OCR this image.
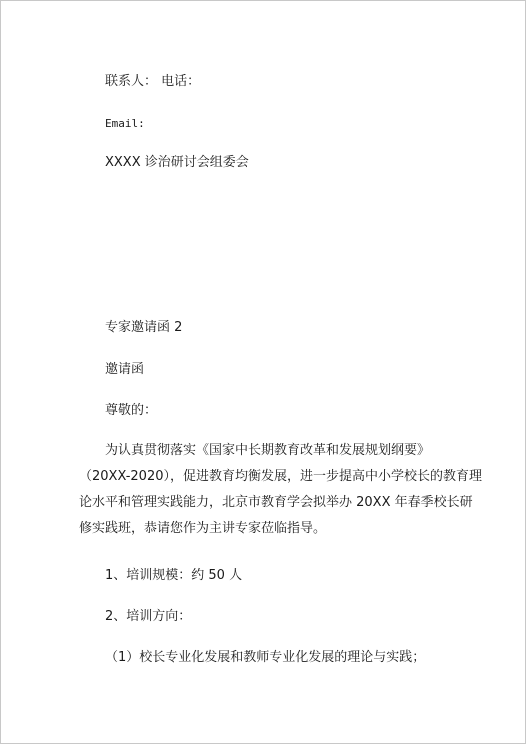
联系人： 电话：
Email:
XXXX 诊治研讨会组委会
专家邀请函 2
邀请函
尊敬的：
为认真贯彻落实《国家中长期教育改革和发展规划纲要》
（20XX-2020），促进教育均衡发展，进一步提高中小学校长的教育理
论水平和管理实践能力，北京市教育学会拟举办 20XX 年春季校长研
修实践班，恭请您作为主讲专家莅临指导。
1、培训规模：约 50 人
2、培训方向：
（1）校长专业化发展和教师专业化发展的理论与实践；
